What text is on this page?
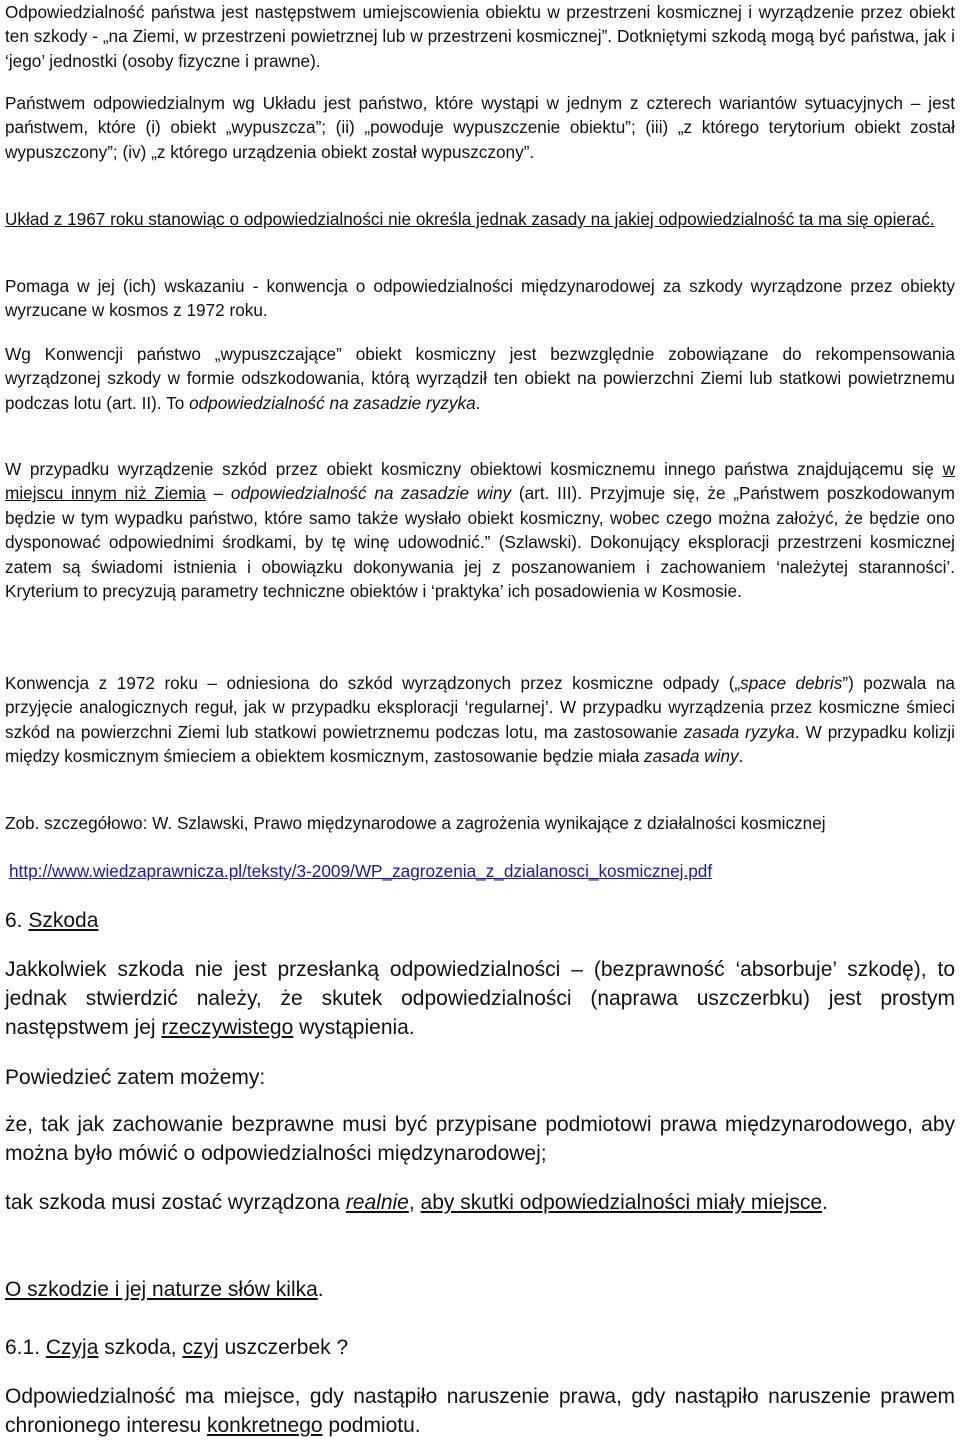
Odpowiedzialność państwa jest następstwem umiejscowienia obiektu w przestrzeni kosmicznej i wyrządzenie przez obiekt ten szkody - „na Ziemi, w przestrzeni powietrznej lub w przestrzeni kosmicznej”. Dotkniętymi szkodą mogą być państwa, jak i ‘jego’ jednostki (osoby fizyczne i prawne).

Państwem odpowiedzialnym wg Układu jest państwo, które wystąpi w jednym z czterech wariantów sytuacyjnych – jest państwem, które (i) obiekt „wypuszcza”; (ii) „powoduje wypuszczenie obiektu”; (iii) „z którego terytorium obiekt został wypuszczony”; (iv) „z którego urządzenia obiekt został wypuszczony”.

Układ z 1967 roku stanowiąc o odpowiedzialności nie określa jednak zasady na jakiej odpowiedzialność ta ma się opierać.

Pomaga w jej (ich) wskazaniu - konwencja o odpowiedzialności międzynarodowej za szkody wyrządzone przez obiekty wyrzucane w kosmos z 1972 roku.

Wg Konwencji państwo „wypuszczające” obiekt kosmiczny jest bezwzględnie zobowiązane do rekompensowania wyrządzonej szkody w formie odszkodowania, którą wyrządził ten obiekt na powierzchni Ziemi lub statkowi powietrznemu podczas lotu (art. II). To odpowiedzialność na zasadzie ryzyka.

W przypadku wyrządzenie szkód przez obiekt kosmiczny obiektowi kosmicznemu innego państwa znajdującemu się w miejscu innym niż Ziemia – odpowiedzialność na zasadzie winy (art. III). Przyjmuje się, że „Państwem poszkodowanym będzie w tym wypadku państwo, które samo także wysłało obiekt kosmiczny, wobec czego można założyć, że będzie ono dysponować odpowiednimi środkami, by tę winę udowodnić.” (Szlawski). Dokonujący eksploracji przestrzeni kosmicznej zatem są świadomi istnienia i obowiązku dokonywania jej z poszanowaniem i zachowaniem ‘należytej staranności’. Kryterium to precyzują parametry techniczne obiektów i ‘praktyka’ ich posadowienia w Kosmosie.

Konwencja z 1972 roku – odniesiona do szkód wyrządzonych przez kosmiczne odpady („space debris”) pozwala na przyjęcie analogicznych reguł, jak w przypadku eksploracji ‘regularnej’. W przypadku wyrządzenia przez kosmiczne śmieci szkód na powierzchni Ziemi lub statkowi powietrznemu podczas lotu, ma zastosowanie zasada ryzyka. W przypadku kolizji między kosmicznym śmieciem a obiektem kosmicznym, zastosowanie będzie miała zasada winy.

Zob. szczegółowo: W. Szlawski, Prawo międzynarodowe a zagrożenia wynikające z działalności kosmicznej

http://www.wiedzaprawnicza.pl/teksty/3-2009/WP_zagrozenia_z_dzialanosci_kosmicznej.pdf

6. Szkoda

Jakkolwiek szkoda nie jest przesłanką odpowiedzialności – (bezprawność ‘absorbuje’ szkodę), to jednak stwierdzić należy, że skutek odpowiedzialności (naprawa uszczerbku) jest prostym następstwem jej rzeczywistego wystąpienia.

Powiedzieć zatem możemy:

że, tak jak zachowanie bezprawne musi być przypisane podmiotowi prawa międzynarodowego, aby można było mówić o odpowiedzialności międzynarodowej;

tak szkoda musi zostać wyrządzona realnie, aby skutki odpowiedzialności miały miejsce.

O szkodzie i jej naturze słów kilka.

6.1. Czyja szkoda, czyj uszczerbek ?

Odpowiedzialność ma miejsce, gdy nastąpiło naruszenie prawa, gdy nastąpiło naruszenie prawem chronionego interesu konkretnego podmiotu.
